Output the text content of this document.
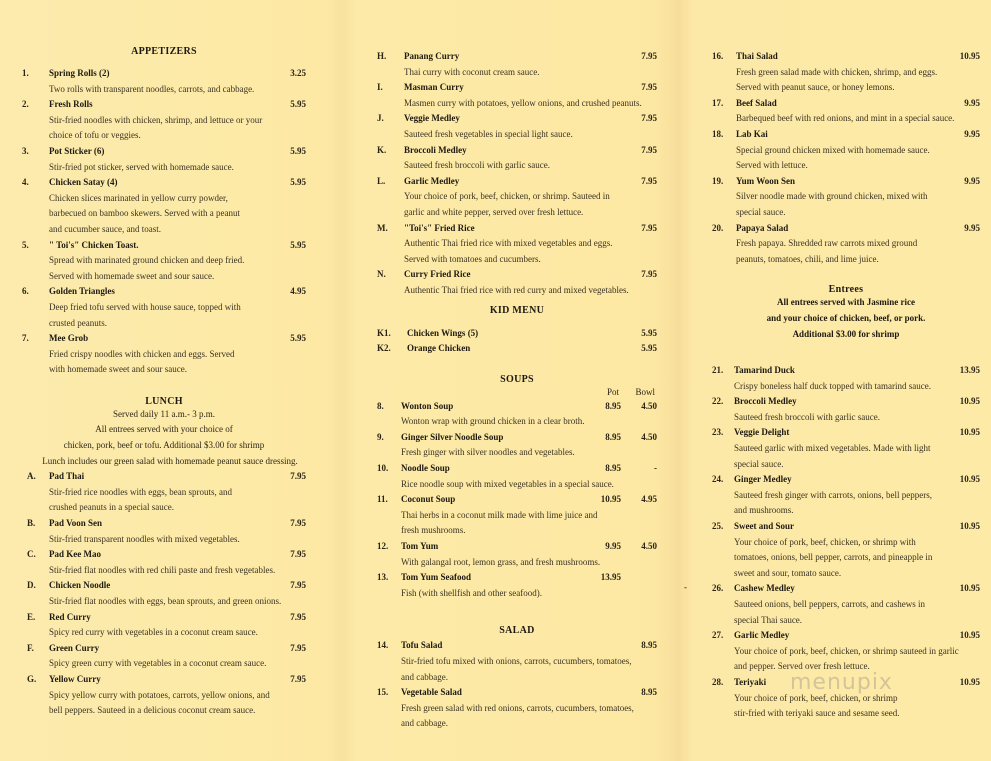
APPETIZERS
1.	Spring Rolls (2)	3.25
Two rolls with transparent noodles, carrots, and cabbage.
2.	Fresh Rolls	5.95
Stir-fried noodles with chicken, shrimp, and lettuce or your
choice of tofu or veggies.
3.	Pot Sticker (6)	5.95
Stir-fried pot sticker, served with homemade sauce.
4.	Chicken Satay (4)	5.95
Chicken slices marinated in yellow curry powder,
barbecued on bamboo skewers. Served with a peanut
and cucumber sauce, and toast.
5.	" Toi's" Chicken Toast.	5.95
Spread with marinated ground chicken and deep fried.
Served with homemade sweet and sour sauce.
6.	Golden Triangles	4.95
Deep fried tofu served with house sauce, topped with
crusted peanuts.
7.	Mee Grob	5.95
Fried crispy noodles with chicken and eggs. Served
with homemade sweet and sour sauce.
LUNCH
Served daily 11 a.m.- 3 p.m.
All entrees served with your choice of
chicken, pork, beef or tofu. Additional $3.00 for shrimp
Lunch includes our green salad with homemade peanut sauce dressing.
A.	Pad Thai	7.95
Stir-fried rice noodles with eggs, bean sprouts, and
crushed peanuts in a special sauce.
B.	Pad Voon Sen	7.95
Stir-fried transparent noodles with mixed vegetables.
C.	Pad Kee Mao	7.95
Stir-fried flat noodles with red chili paste and fresh vegetables.
D.	Chicken Noodle	7.95
Stir-fried flat noodles with eggs, bean sprouts, and green onions.
E.	Red Curry	7.95
Spicy red curry with vegetables in a coconut cream sauce.
F.	Green Curry	7.95
Spicy green curry with vegetables in a coconut cream sauce.
G.	Yellow Curry	7.95
Spicy yellow curry with potatoes, carrots, yellow onions, and
bell peppers. Sauteed in a delicious coconut cream sauce.
H.	Panang Curry	7.95
Thai curry with coconut cream sauce.
I.	Masman Curry	7.95
Masmen curry with potatoes, yellow onions, and crushed peanuts.
J.	Veggie Medley	7.95
Sauteed fresh vegetables in special light sauce.
K.	Broccoli Medley	7.95
Sauteed fresh broccoli with garlic sauce.
L.	Garlic Medley	7.95
Your choice of pork, beef, chicken, or shrimp. Sauteed in
garlic and white pepper, served over fresh lettuce.
M.	"Toi's" Fried Rice	7.95
Authentic Thai fried rice with mixed vegetables and eggs.
Served with tomatoes and cucumbers.
N.	Curry Fried Rice	7.95
Authentic Thai fried rice with red curry and mixed vegetables.
KID MENU
K1.	Chicken Wings (5)	5.95
K2.	Orange Chicken	5.95
SOUPS
Pot	Bowl
8.	Wonton Soup	8.95	4.50
Wonton wrap with ground chicken in a clear broth.
9.	Ginger Silver Noodle Soup	8.95	4.50
Fresh ginger with silver noodles and vegetables.
10.	Noodle Soup	8.95	-
Rice noodle soup with mixed vegetables in a special sauce.
11.	Coconut Soup	10.95	4.95
Thai herbs in a coconut milk made with lime juice and
fresh mushrooms.
12.	Tom Yum	9.95	4.50
With galangal root, lemon grass, and fresh mushrooms.
13.	Tom Yum Seafood	13.95
Fish (with shellfish and other seafood).
SALAD
14.	Tofu Salad	8.95
Stir-fried tofu mixed with onions, carrots, cucumbers, tomatoes,
and cabbage.
15.	Vegetable Salad	8.95
Fresh green salad with red onions, carrots, cucumbers, tomatoes,
and cabbage.
16.	Thai Salad	10.95
Fresh green salad made with chicken, shrimp, and eggs.
Served with peanut sauce, or honey lemons.
17.	Beef Salad	9.95
Barbequed beef with red onions, and mint in a special sauce.
18.	Lab Kai	9.95
Special ground chicken mixed with homemade sauce.
Served with lettuce.
19.	Yum Woon Sen	9.95
Silver noodle made with ground chicken, mixed with
special sauce.
20.	Papaya Salad	9.95
Fresh papaya. Shredded raw carrots mixed ground
peanuts, tomatoes, chili, and lime juice.
Entrees
All entrees served with Jasmine rice
and your choice of chicken, beef, or pork.
Additional $3.00 for shrimp
21.	Tamarind Duck	13.95
Crispy boneless half duck topped with tamarind sauce.
22.	Broccoli Medley	10.95
Sauteed fresh broccoli with garlic sauce.
23.	Veggie Delight	10.95
Sauteed garlic with mixed vegetables. Made with light
special sauce.
24.	Ginger Medley	10.95
Sauteed fresh ginger with carrots, onions, bell peppers,
and mushrooms.
25.	Sweet and Sour	10.95
Your choice of pork, beef, chicken, or shrimp with
tomatoes, onions, bell pepper, carrots, and pineapple in
sweet and sour, tomato sauce.
26.	Cashew Medley	10.95
Sauteed onions, bell peppers, carrots, and cashews in
special Thai sauce.
27.	Garlic Medley	10.95
Your choice of pork, beef, chicken, or shrimp sauteed in garlic
and pepper. Served over fresh lettuce.
28.	Teriyaki	10.95
Your choice of pork, beef, chicken, or shrimp
stir-fried with teriyaki sauce and sesame seed.
-
menupix
